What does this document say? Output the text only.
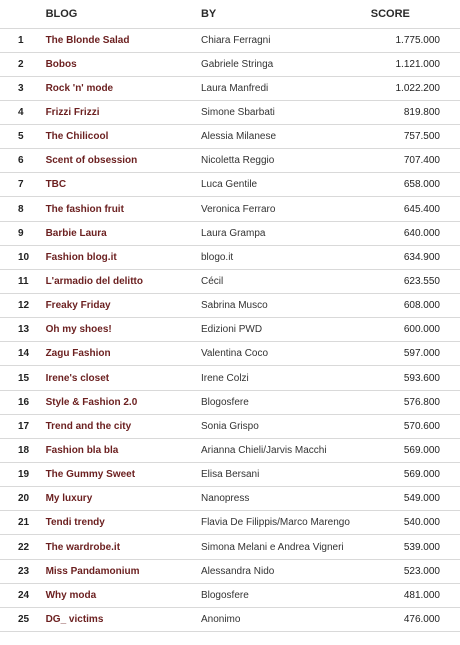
	BLOG	BY	SCORE
1	The Blonde Salad	Chiara Ferragni	1.775.000
2	Bobos	Gabriele Stringa	1.121.000
3	Rock 'n' mode	Laura Manfredi	1.022.200
4	Frizzi Frizzi	Simone Sbarbati	819.800
5	The Chilicool	Alessia Milanese	757.500
6	Scent of obsession	Nicoletta Reggio	707.400
7	TBC	Luca Gentile	658.000
8	The fashion fruit	Veronica Ferraro	645.400
9	Barbie Laura	Laura Grampa	640.000
10	Fashion blog.it	blogo.it	634.900
11	L'armadio del delitto	Cécil	623.550
12	Freaky Friday	Sabrina Musco	608.000
13	Oh my shoes!	Edizioni PWD	600.000
14	Zagu Fashion	Valentina Coco	597.000
15	Irene's closet	Irene Colzi	593.600
16	Style & Fashion 2.0	Blogosfere	576.800
17	Trend and the city	Sonia Grispo	570.600
18	Fashion bla bla	Arianna Chieli/Jarvis Macchi	569.000
19	The Gummy Sweet	Elisa Bersani	569.000
20	My luxury	Nanopress	549.000
21	Tendi trendy	Flavia De Filippis/Marco Marengo	540.000
22	The wardrobe.it	Simona Melani e Andrea Vigneri	539.000
23	Miss Pandamonium	Alessandra Nido	523.000
24	Why moda	Blogosfere	481.000
25	DG_ victims	Anonimo	476.000
